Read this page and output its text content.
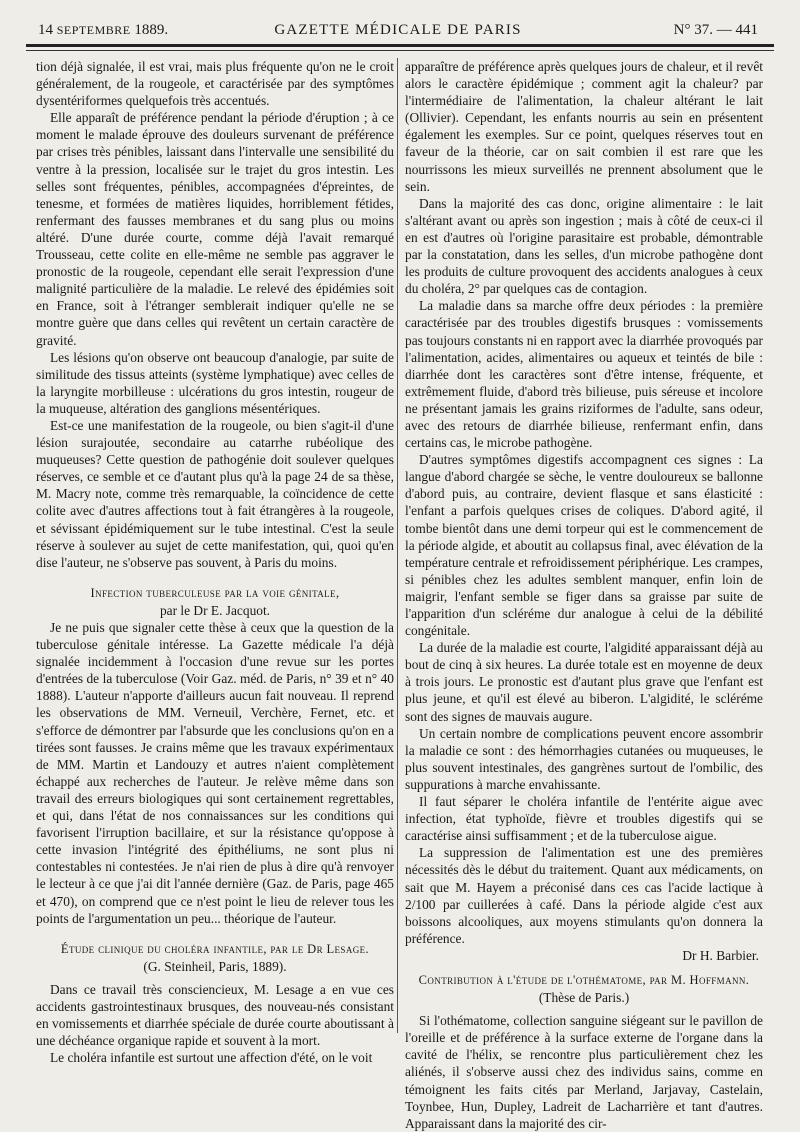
14 SEPTEMBRE 1889.	GAZETTE MÉDICALE DE PARIS	N° 37. — 441

tion déjà signalée, il est vrai, mais plus fréquente qu'on ne le croit généralement, de la rougeole, et caractérisée par des symptômes dysentériformes quelquefois très accentués.

Elle apparaît de préférence pendant la période d'éruption ; à ce moment le malade éprouve des douleurs survenant de préférence par crises très pénibles, laissant dans l'intervalle une sensibilité du ventre à la pression, localisée sur le trajet du gros intestin. Les selles sont fréquentes, pénibles, accompagnées d'épreintes, de tenesme, et formées de matières liquides, horriblement fétides, renfermant des fausses membranes et du sang plus ou moins altéré. D'une durée courte, comme déjà l'avait remarqué Trousseau, cette colite en elle-même ne semble pas aggraver le pronostic de la rougeole, cependant elle serait l'expression d'une malignité particulière de la maladie. Le relevé des épidémies soit en France, soit à l'étranger semblerait indiquer qu'elle ne se montre guère que dans celles qui revêtent un certain caractère de gravité.

Les lésions qu'on observe ont beaucoup d'analogie, par suite de similitude des tissus atteints (système lymphatique) avec celles de la laryngite morbilleuse : ulcérations du gros intestin, rougeur de la muqueuse, altération des ganglions mésentériques.

Est-ce une manifestation de la rougeole, ou bien s'agit-il d'une lésion surajoutée, secondaire au catarrhe rubéolique des muqueuses? Cette question de pathogénie doit soulever quelques réserves, ce semble et ce d'autant plus qu'à la page 24 de sa thèse, M. Macry note, comme très remarquable, la coïncidence de cette colite avec d'autres affections tout à fait étrangères à la rougeole, et sévissant épidémiquement sur le tube intestinal. C'est la seule réserve à soulever au sujet de cette manifestation, qui, quoi qu'en dise l'auteur, ne s'observe pas souvent, à Paris du moins.

Infection tuberculeuse par la voie génitale,
par le Dr E. Jacquot.

Je ne puis que signaler cette thèse à ceux que la question de la tuberculose génitale intéresse. La Gazette médicale l'a déjà signalée incidemment à l'occasion d'une revue sur les portes d'entrées de la tuberculose (Voir Gaz. méd. de Paris, n° 39 et n° 40 1888). L'auteur n'apporte d'ailleurs aucun fait nouveau. Il reprend les observations de MM. Verneuil, Verchère, Fernet, etc. et s'efforce de démontrer par l'absurde que les conclusions qu'on en a tirées sont fausses. Je crains même que les travaux expérimentaux de MM. Martin et Landouzy et autres n'aient complètement échappé aux recherches de l'auteur. Je relève même dans son travail des erreurs biologiques qui sont certainement regrettables, et qui, dans l'état de nos connaissances sur les conditions qui favorisent l'irruption bacillaire, et sur la résistance qu'oppose à cette invasion l'intégrité des épithéliums, ne sont plus ni contestables ni contestées. Je n'ai rien de plus à dire qu'à renvoyer le lecteur à ce que j'ai dit l'année dernière (Gaz. de Paris, page 465 et 470), on comprend que ce n'est point le lieu de relever tous les points de l'argumentation un peu... théorique de l'auteur.

Étude clinique du choléra infantile, par le Dr Lesage.
(G. Steinheil, Paris, 1889).

Dans ce travail très consciencieux, M. Lesage a en vue ces accidents gastrointestinaux brusques, des nouveau-nés consistant en vomissements et diarrhée spéciale de durée courte aboutissant à une déchéance organique rapide et souvent à la mort.

Le choléra infantile est surtout une affection d'été, on le voit

apparaître de préférence après quelques jours de chaleur, et il revêt alors le caractère épidémique ; comment agit la chaleur? par l'intermédiaire de l'alimentation, la chaleur altérant le lait (Ollivier). Cependant, les enfants nourris au sein en présentent également les exemples. Sur ce point, quelques réserves tout en faveur de la théorie, car on sait combien il est rare que les nourrissons les mieux surveillés ne prennent absolument que le sein.

Dans la majorité des cas donc, origine alimentaire : le lait s'altérant avant ou après son ingestion ; mais à côté de ceux-ci il en est d'autres où l'origine parasitaire est probable, démontrable par la constatation, dans les selles, d'un microbe pathogène dont les produits de culture provoquent des accidents analogues à ceux du choléra, 2° par quelques cas de contagion.

La maladie dans sa marche offre deux périodes : la première caractérisée par des troubles digestifs brusques : vomissements pas toujours constants ni en rapport avec la diarrhée provoqués par l'alimentation, acides, alimentaires ou aqueux et teintés de bile : diarrhée dont les caractères sont d'être intense, fréquente, et extrêmement fluide, d'abord très bilieuse, puis séreuse et incolore ne présentant jamais les grains riziformes de l'adulte, sans odeur, avec des retours de diarrhée bilieuse, renfermant enfin, dans certains cas, le microbe pathogène.

D'autres symptômes digestifs accompagnent ces signes : La langue d'abord chargée se sèche, le ventre douloureux se ballonne d'abord puis, au contraire, devient flasque et sans élasticité : l'enfant a parfois quelques crises de coliques. D'abord agité, il tombe bientôt dans une demi torpeur qui est le commencement de la période algide, et aboutit au collapsus final, avec élévation de la température centrale et refroidissement périphérique. Les crampes, si pénibles chez les adultes semblent manquer, enfin loin de maigrir, l'enfant semble se figer dans sa graisse par suite de l'apparition d'un scléréme dur analogue à celui de la débilité congénitale.

La durée de la maladie est courte, l'algidité apparaissant déjà au bout de cinq à six heures. La durée totale est en moyenne de deux à trois jours. Le pronostic est d'autant plus grave que l'enfant est plus jeune, et qu'il est élevé au biberon. L'algidité, le scléréme sont des signes de mauvais augure.

Un certain nombre de complications peuvent encore assombrir la maladie ce sont : des hémorrhagies cutanées ou muqueuses, le plus souvent intestinales, des gangrènes surtout de l'ombilic, des suppurations à marche envahissante.

Il faut séparer le choléra infantile de l'entérite aigue avec infection, état typhoïde, fièvre et troubles digestifs qui se caractérise ainsi suffisamment ; et de la tuberculose aigue.

La suppression de l'alimentation est une des premières nécessités dès le début du traitement. Quant aux médicaments, on sait que M. Hayem a préconisé dans ces cas l'acide lactique à 2/100 par cuillerées à café. Dans la période algide c'est aux boissons alcooliques, aux moyens stimulants qu'on donnera la préférence.

Dr H. Barbier.
Contribution à l'étude de l'othématome, par M. Hoffmann.
(Thèse de Paris.)

Si l'othématome, collection sanguine siégeant sur le pavillon de l'oreille et de préférence à la surface externe de l'organe dans la cavité de l'hélix, se rencontre plus particulièrement chez les aliénés, il s'observe aussi chez des individus sains, comme en témoignent les faits cités par Merland, Jarjavay, Castelain, Toynbee, Hun, Dupley, Ladreit de Lacharrière et tant d'autres. Apparaissant dans la majorité des cir-
